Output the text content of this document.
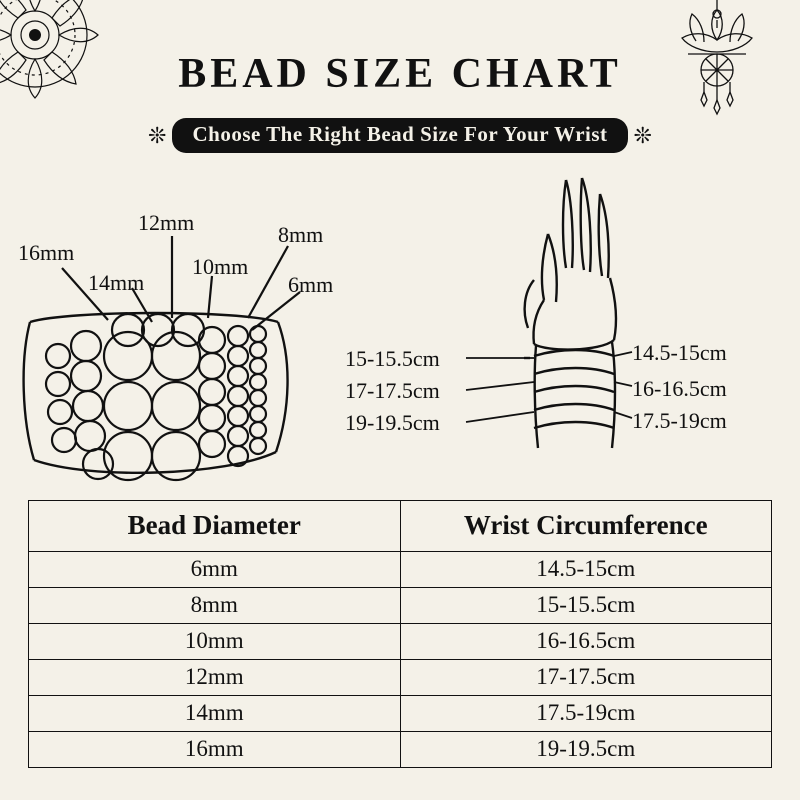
BEAD SIZE CHART
❊	Choose The Right Bead Size For Your Wrist	❊
16mm
14mm
12mm
10mm
8mm
6mm
15-15.5cm
17-17.5cm
19-19.5cm
14.5-15cm
16-16.5cm
17.5-19cm
Bead Diameter	Wrist Circumference
6mm	14.5-15cm
8mm	15-15.5cm
10mm	16-16.5cm
12mm	17-17.5cm
14mm	17.5-19cm
16mm	19-19.5cm
